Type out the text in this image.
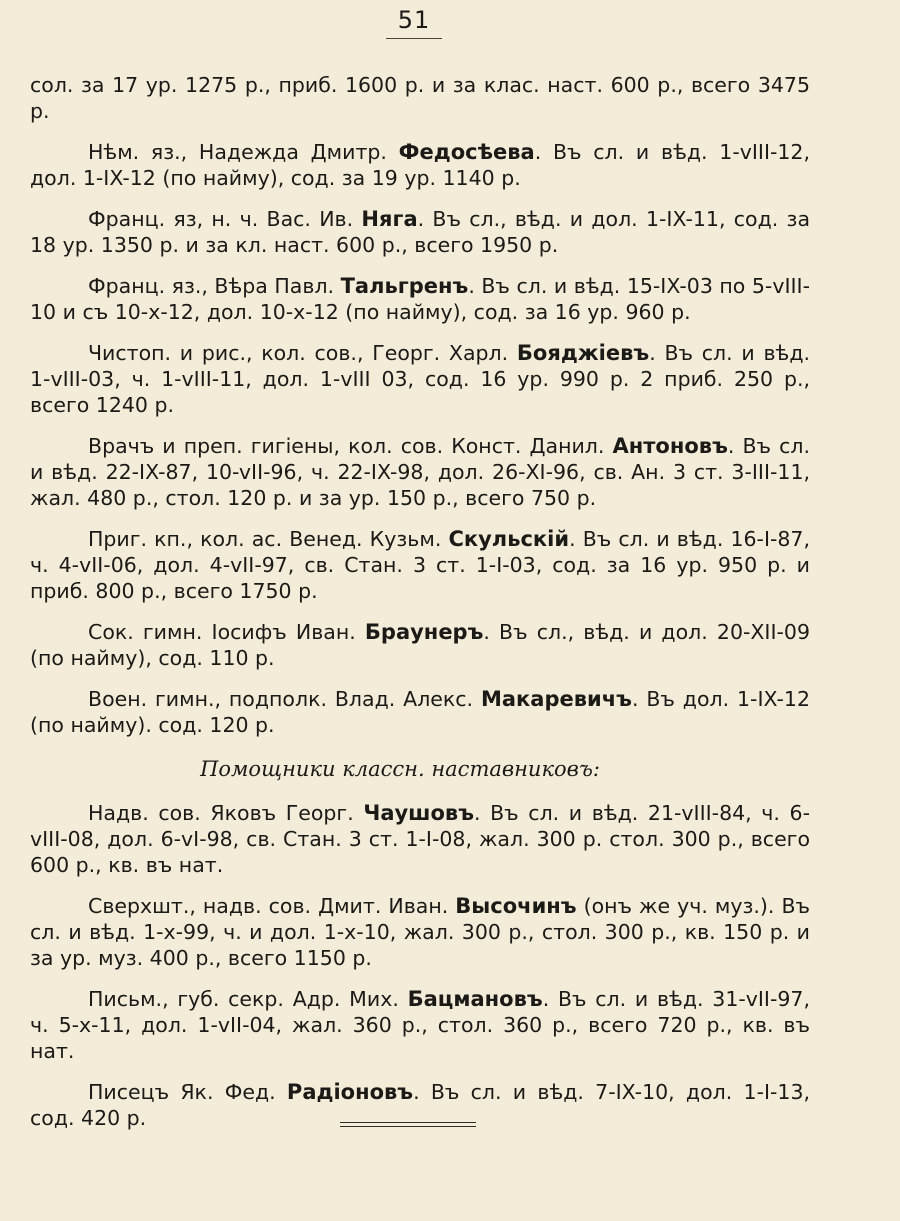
51

сол. за 17 ур. 1275 р., приб. 1600 р. и за клас. наст. 600 р., всего 3475 р.

Нѣм. яз., Надежда Дмитр. Федосѣева. Въ сл. и вѣд. 1-vIII-12, дол. 1-IX-12 (по найму), сод. за 19 ур. 1140 р.

Франц. яз, н. ч. Вас. Ив. Няга. Въ сл., вѣд. и дол. 1-IX-11, сод. за 18 ур. 1350 р. и за кл. наст. 600 р., всего 1950 р.

Франц. яз., Вѣра Павл. Тальгренъ. Въ сл. и вѣд. 15-IX-03 по 5-vIII-10 и съ 10-x-12, дол. 10-x-12 (по найму), сод. за 16 ур. 960 р.

Чистоп. и рис., кол. сов., Георг. Харл. Бояджіевъ. Въ сл. и вѣд. 1-vIII-03, ч. 1-vIII-11, дол. 1-vIII 03, сод. 16 ур. 990 р. 2 приб. 250 р., всего 1240 р.

Врачъ и преп. гигіены, кол. сов. Конст. Данил. Антоновъ. Въ сл. и вѣд. 22-IX-87, 10-vII-96, ч. 22-IX-98, дол. 26-XI-96, св. Ан. 3 ст. 3-III-11, жал. 480 р., стол. 120 р. и за ур. 150 р., всего 750 р.

Приг. кп., кол. ас. Венед. Кузьм. Скульскій. Въ сл. и вѣд. 16-I-87, ч. 4-vII-06, дол. 4-vII-97, св. Стан. 3 ст. 1-I-03, сод. за 16 ур. 950 р. и приб. 800 р., всего 1750 р.

Сок. гимн. Іосифъ Иван. Браунеръ. Въ сл., вѣд. и дол. 20-XII-09 (по найму), сод. 110 р.

Воен. гимн., подполк. Влад. Алекс. Макаревичъ. Въ дол. 1-IX-12 (по найму). сод. 120 р.

Помощники классн. наставниковъ:

Надв. сов. Яковъ Георг. Чаушовъ. Въ сл. и вѣд. 21-vIII-84, ч. 6-vIII-08, дол. 6-vI-98, св. Стан. 3 ст. 1-I-08, жал. 300 р. стол. 300 р., всего 600 р., кв. въ нат.

Сверхшт., надв. сов. Дмит. Иван. Высочинъ (онъ же уч. муз.). Въ сл. и вѣд. 1-x-99, ч. и дол. 1-x-10, жал. 300 р., стол. 300 р., кв. 150 р. и за ур. муз. 400 р., всего 1150 р.

Письм., губ. секр. Адр. Мих. Бацмановъ. Въ сл. и вѣд. 31-vII-97, ч. 5-x-11, дол. 1-vII-04, жал. 360 р., стол. 360 р., всего 720 р., кв. въ нат.

Писецъ Як. Фед. Радіоновъ. Въ сл. и вѣд. 7-IX-10, дол. 1-I-13, сод. 420 р.
